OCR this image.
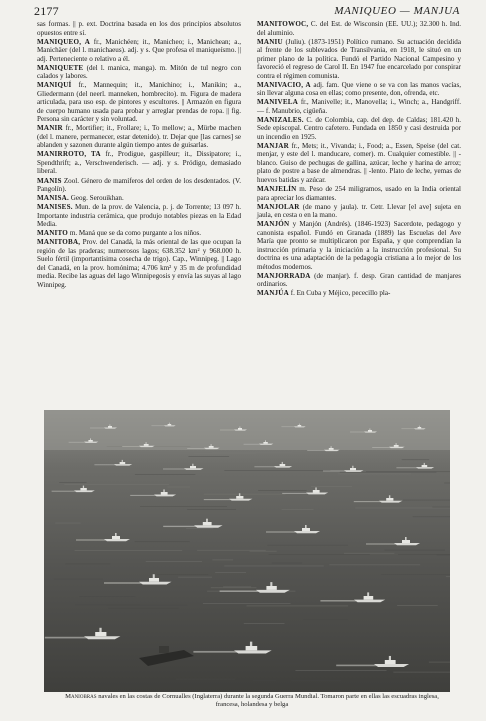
2177	MANIQUEO — MANJUA
sas formas. || p. ext. Doctrina basada en los dos principios absolutos opuestos entre sí.
MANIQUEO, A fr., Manichéen; it., Manicheo; i., Manichean; a., Manichäer (del l. manichaeus). adj. y s. Que profesa el maniqueísmo. || adj. Perteneciente o relativo a él.
MANIQUETE (del l. manica, manga). m. Mitón de tul negro con calados y labores.
MANIQUÍ fr., Mannequin; it., Manichino; i., Manikin; a., Gliedermann (del neerl. manneken, hombrecito). m. Figura de madera articulada, para uso esp. de pintores y escultores. || Armazón en figura de cuerpo humano usada para probar y arreglar prendas de ropa. || fig. Persona sin carácter y sin voluntad.
MANIR fr., Mortifier; it., Frollare; i., To mellow; a., Mürbe machen (del l. manere, permanecer, estar detenido). tr. Dejar que [las carnes] se ablanden y sazonen durante algún tiempo antes de guisarlas.
MANIRROTO, TA fr., Prodigue, gaspilleur; it., Dissipatore; i., Spendthrift; a., Verschwenderisch. — adj. y s. Pródigo, demasiado liberal.
MANIS Zool. Género de mamíferos del orden de los desdentados. (V. Pangolín).
MANISA. Geog. Serouikhan.
MANISES. Mun. de la prov. de Valencia, p. j. de Torrente; 13 097 h. Importante industria cerámica, que produjo notables piezas en la Edad Media.
MANITO m. Maná que se da como purgante a los niños.
MANITOBA, Prov. del Canadá, la más oriental de las que ocupan la región de las praderas; numerosos lagos; 638.352 km² y 968.000 h. Suelo fértil (importantísima cosecha de trigo). Cap., Winnipeg. || Lago del Canadá, en la prov. homónima; 4.706 km² y 35 m de profundidad media. Recibe las aguas del lago Winnipegosis y envía las suyas al lago Winnipeg.
MANITOWOC, C. del Est. de Wisconsin (EE. UU.); 32.300 h. Ind. del aluminio.
MANIU (Juliu). (1873-1951) Político rumano. Su actuación decidida al frente de los sublevados de Transilvania, en 1918, le situó en un primer plano de la política. Fundó el Partido Nacional Campesino y favoreció el regreso de Carol II. En 1947 fue encarcelado por conspirar contra el régimen comunista.
MANIVACIO, A adj. fam. Que viene o se va con las manos vacías, sin llevar alguna cosa en ellas; como presente, don, ofrenda, etc.
MANIVELA fr., Manivelle; it., Manovella; i., Winch; a., Handgriff. — f. Manubrio, cigüeña.
MANIZALES. C. de Colombia, cap. del dep. de Caldas; 181.420 h. Sede episcopal. Centro cafetero. Fundada en 1850 y casi destruida por un incendio en 1925.
MANJAR fr., Mets; it., Vivanda; i., Food; a., Essen, Speise (del cat. menjar, y este del l. manducare, comer). m. Cualquier comestible. || -blanco. Guiso de pechugas de gallina, azúcar, leche y harina de arroz; plato de postre a base de almendras. || -lento. Plato de leche, yemas de huevos batidas y azúcar.
MANJELÍN m. Peso de 254 miligramos, usado en la India oriental para apreciar los diamantes.
MANJOLAR (de mano y jaula). tr. Cetr. Llevar [el ave] sujeta en jaula, en cesta o en la mano.
MANJÓN y Manjón (Andrés). (1846-1923) Sacerdote, pedagogo y canonista español. Fundó en Granada (1889) las Escuelas del Ave María que pronto se multiplicaron por España, y que comprendían la instrucción primaria y la iniciación a la instrucción profesional. Su doctrina es una adaptación de la pedagogía cristiana a lo mejor de los métodos modernos.
MANJORRADA (de manjar). f. desp. Gran cantidad de manjares ordinarios.
MANJÚA f. En Cuba y Méjico, pececillo pla-
Maniobras navales en las costas de Cornualles (Inglaterra) durante la segunda Guerra Mundial. Tomaron parte en ellas las escuadras inglesa, francesa, holandesa y belga
